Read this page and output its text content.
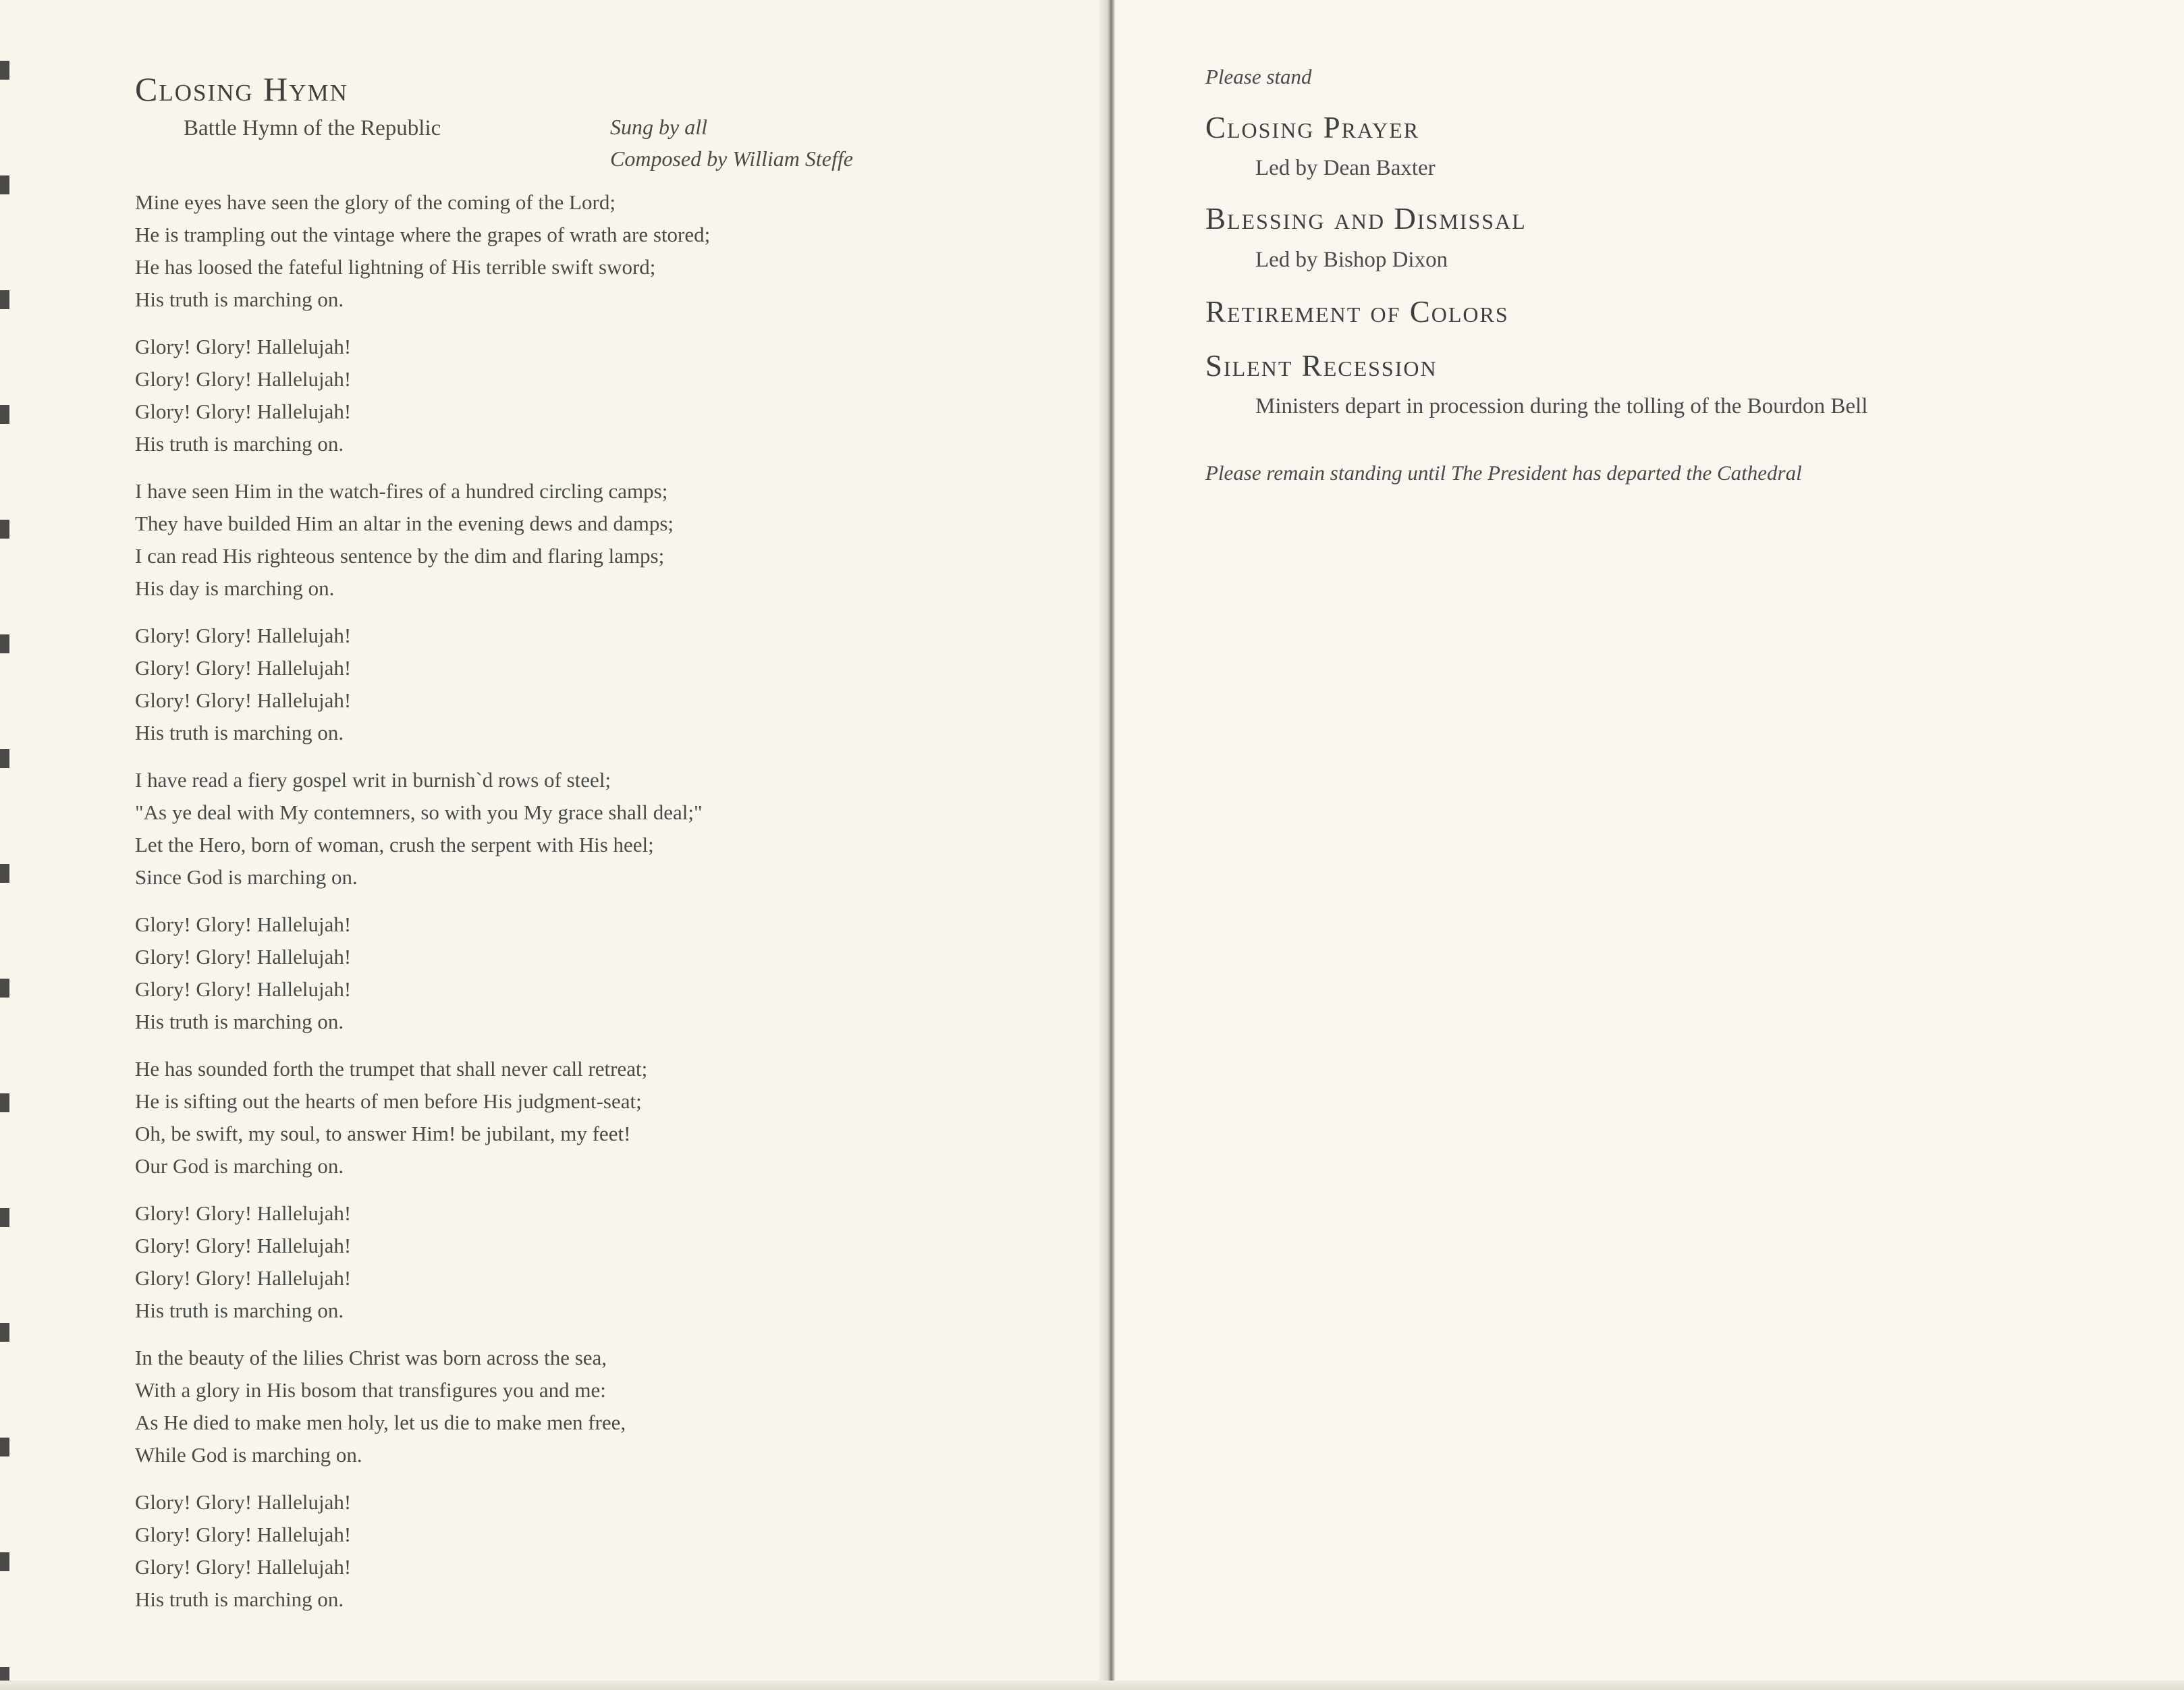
Closing Hymn
Battle Hymn of the Republic	Sung by all
Composed by William Steffe
Mine eyes have seen the glory of the coming of the Lord;
He is trampling out the vintage where the grapes of wrath are stored;
He has loosed the fateful lightning of His terrible swift sword;
His truth is marching on.
Glory! Glory! Hallelujah!
Glory! Glory! Hallelujah!
Glory! Glory! Hallelujah!
His truth is marching on.
I have seen Him in the watch-fires of a hundred circling camps;
They have builded Him an altar in the evening dews and damps;
I can read His righteous sentence by the dim and flaring lamps;
His day is marching on.
Glory! Glory! Hallelujah!
Glory! Glory! Hallelujah!
Glory! Glory! Hallelujah!
His truth is marching on.
I have read a fiery gospel writ in burnish`d rows of steel;
"As ye deal with My contemners, so with you My grace shall deal;"
Let the Hero, born of woman, crush the serpent with His heel;
Since God is marching on.
Glory! Glory! Hallelujah!
Glory! Glory! Hallelujah!
Glory! Glory! Hallelujah!
His truth is marching on.
He has sounded forth the trumpet that shall never call retreat;
He is sifting out the hearts of men before His judgment-seat;
Oh, be swift, my soul, to answer Him! be jubilant, my feet!
Our God is marching on.
Glory! Glory! Hallelujah!
Glory! Glory! Hallelujah!
Glory! Glory! Hallelujah!
His truth is marching on.
In the beauty of the lilies Christ was born across the sea,
With a glory in His bosom that transfigures you and me:
As He died to make men holy, let us die to make men free,
While God is marching on.
Glory! Glory! Hallelujah!
Glory! Glory! Hallelujah!
Glory! Glory! Hallelujah!
His truth is marching on.
Please stand
Closing Prayer
Led by Dean Baxter
Blessing and Dismissal
Led by Bishop Dixon
Retirement of Colors
Silent Recession
Ministers depart in procession during the tolling of the Bourdon Bell
Please remain standing until The President has departed the Cathedral
